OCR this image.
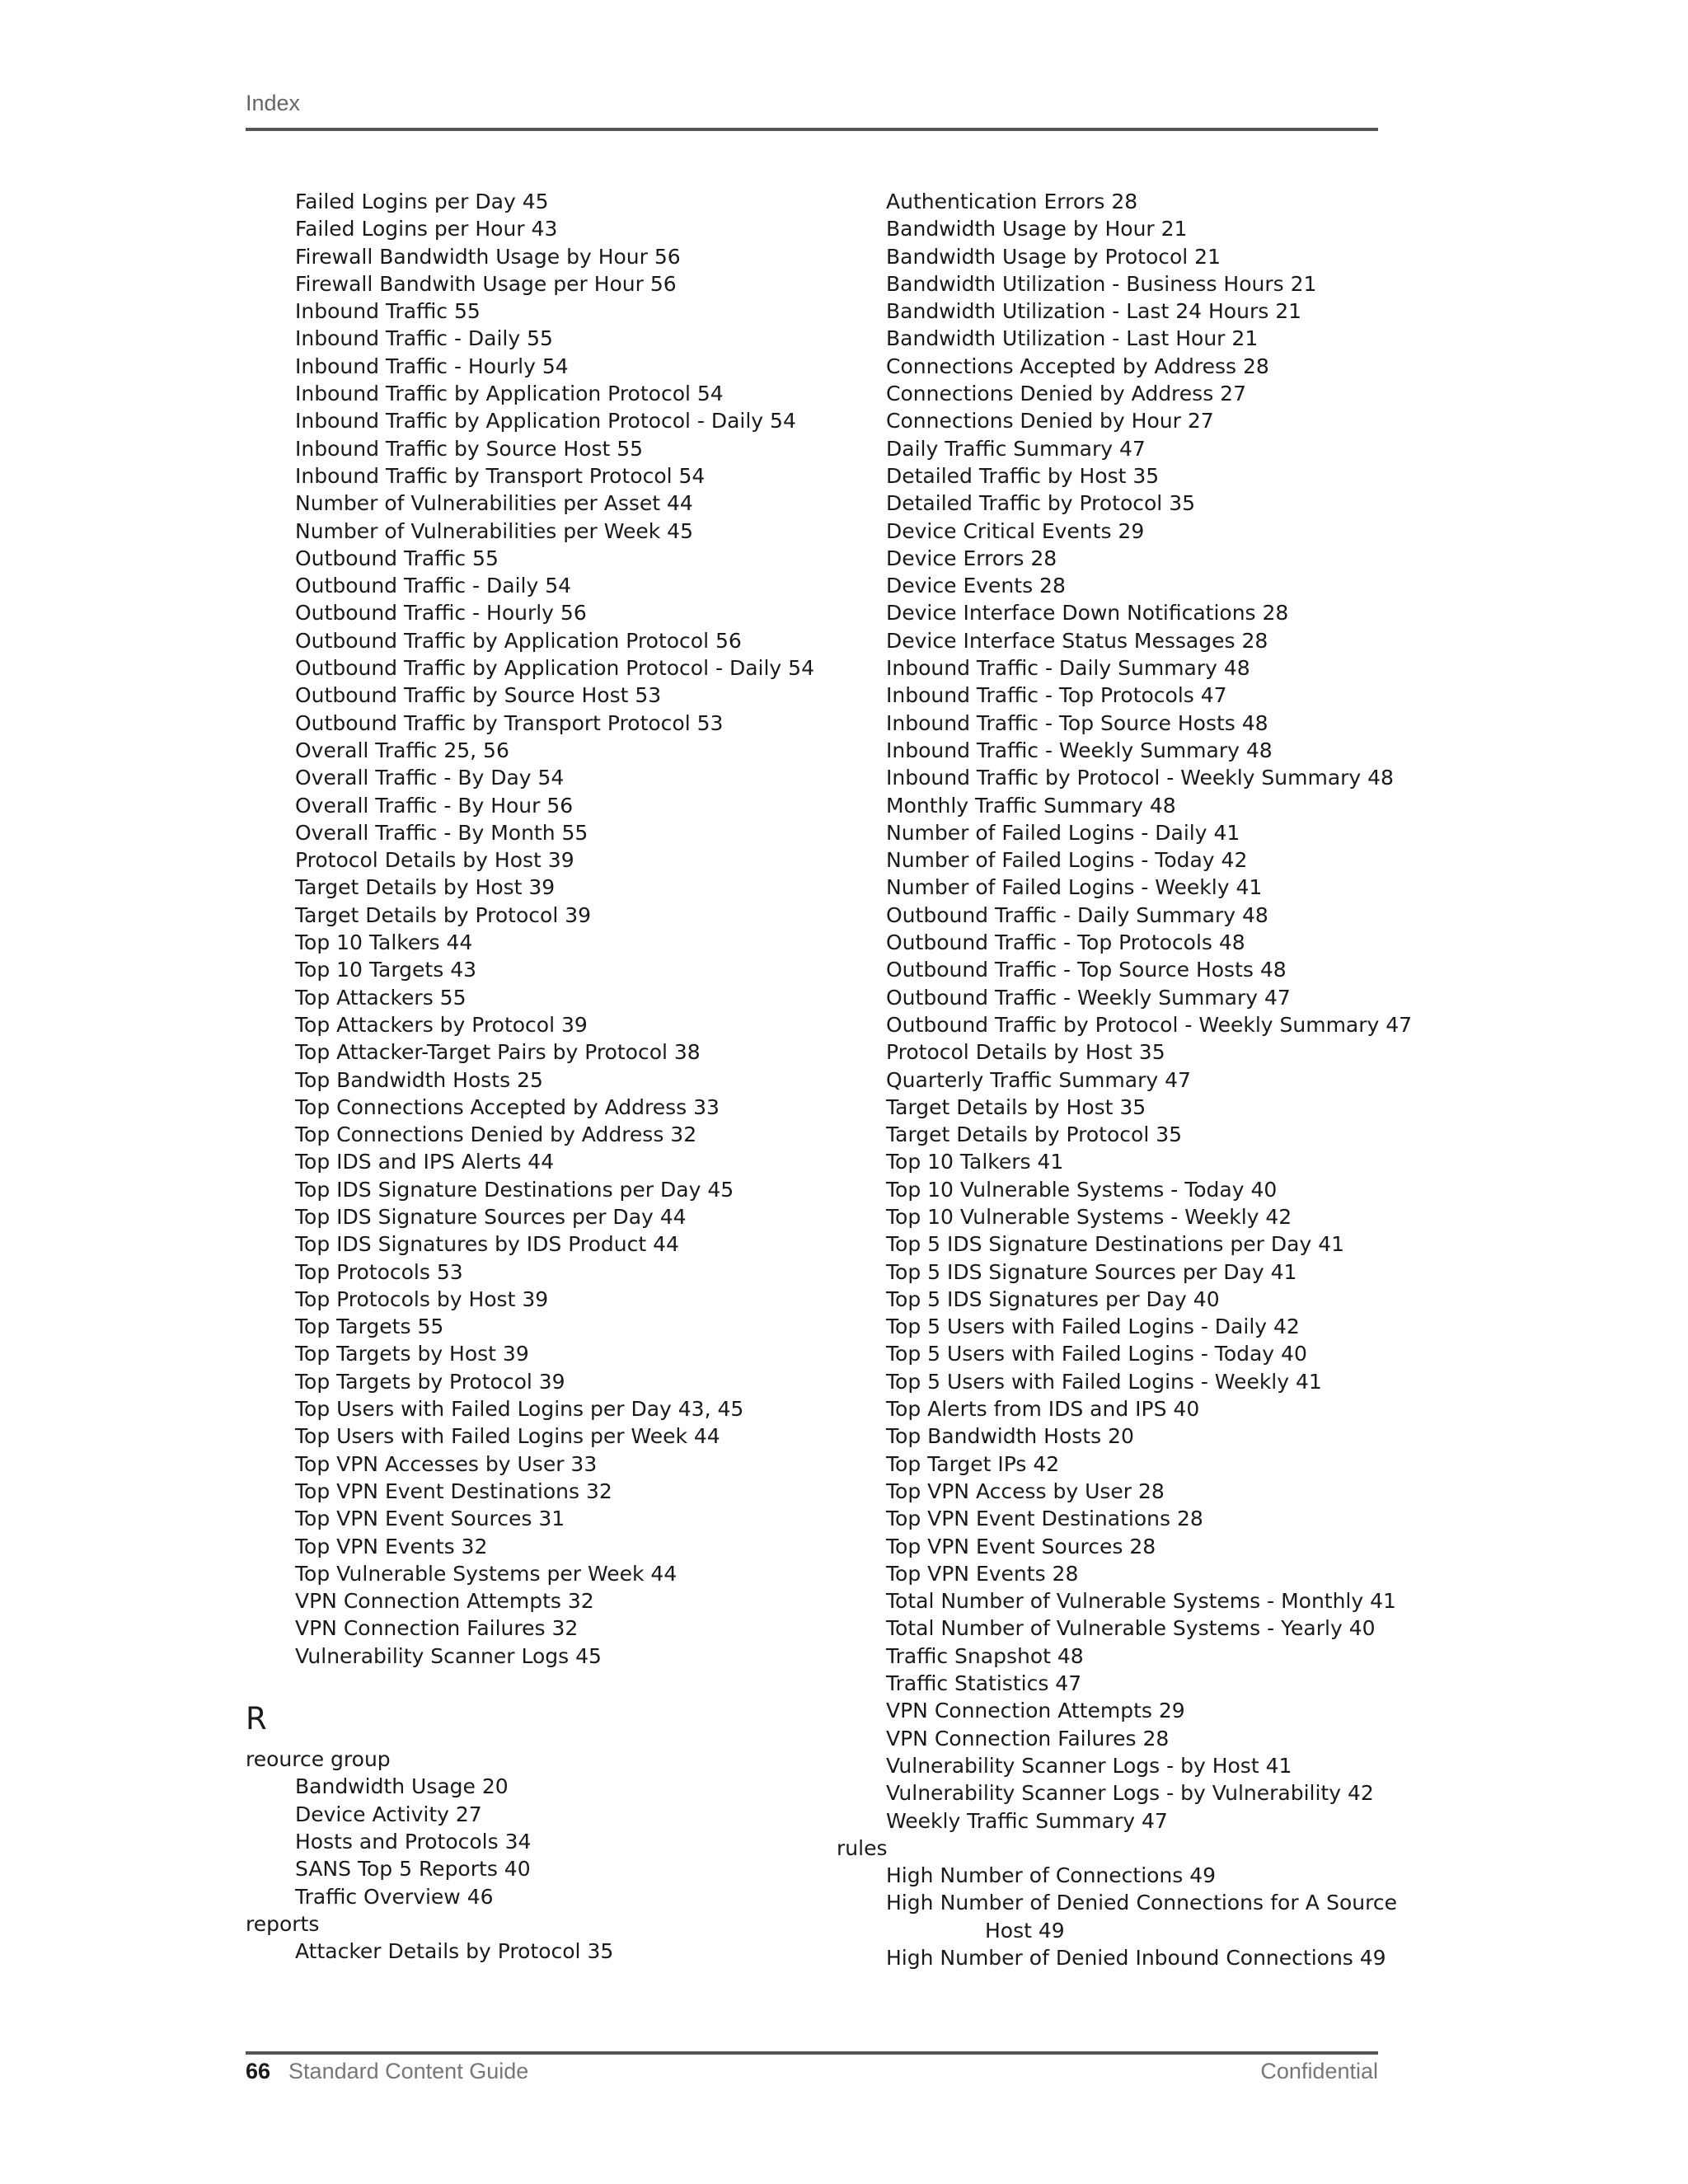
Index
Failed Logins per Day 45
Failed Logins per Hour 43
Firewall Bandwidth Usage by Hour 56
Firewall Bandwith Usage per Hour 56
Inbound Traffic 55
Inbound Traffic - Daily 55
Inbound Traffic - Hourly 54
Inbound Traffic by Application Protocol 54
Inbound Traffic by Application Protocol - Daily 54
Inbound Traffic by Source Host 55
Inbound Traffic by Transport Protocol 54
Number of Vulnerabilities per Asset 44
Number of Vulnerabilities per Week 45
Outbound Traffic 55
Outbound Traffic - Daily 54
Outbound Traffic - Hourly 56
Outbound Traffic by Application Protocol 56
Outbound Traffic by Application Protocol - Daily 54
Outbound Traffic by Source Host 53
Outbound Traffic by Transport Protocol 53
Overall Traffic 25, 56
Overall Traffic - By Day 54
Overall Traffic - By Hour 56
Overall Traffic - By Month 55
Protocol Details by Host 39
Target Details by Host 39
Target Details by Protocol 39
Top 10 Talkers 44
Top 10 Targets 43
Top Attackers 55
Top Attackers by Protocol 39
Top Attacker-Target Pairs by Protocol 38
Top Bandwidth Hosts 25
Top Connections Accepted by Address 33
Top Connections Denied by Address 32
Top IDS and IPS Alerts 44
Top IDS Signature Destinations per Day 45
Top IDS Signature Sources per Day 44
Top IDS Signatures by IDS Product 44
Top Protocols 53
Top Protocols by Host 39
Top Targets 55
Top Targets by Host 39
Top Targets by Protocol 39
Top Users with Failed Logins per Day 43, 45
Top Users with Failed Logins per Week 44
Top VPN Accesses by User 33
Top VPN Event Destinations 32
Top VPN Event Sources 31
Top VPN Events 32
Top Vulnerable Systems per Week 44
VPN Connection Attempts 32
VPN Connection Failures 32
Vulnerability Scanner Logs 45
R
reource group
Bandwidth Usage 20
Device Activity 27
Hosts and Protocols 34
SANS Top 5 Reports 40
Traffic Overview 46
reports
Attacker Details by Protocol 35
Authentication Errors 28
Bandwidth Usage by Hour 21
Bandwidth Usage by Protocol 21
Bandwidth Utilization - Business Hours 21
Bandwidth Utilization - Last 24 Hours 21
Bandwidth Utilization - Last Hour 21
Connections Accepted by Address 28
Connections Denied by Address 27
Connections Denied by Hour 27
Daily Traffic Summary 47
Detailed Traffic by Host 35
Detailed Traffic by Protocol 35
Device Critical Events 29
Device Errors 28
Device Events 28
Device Interface Down Notifications 28
Device Interface Status Messages 28
Inbound Traffic - Daily Summary 48
Inbound Traffic - Top Protocols 47
Inbound Traffic - Top Source Hosts 48
Inbound Traffic - Weekly Summary 48
Inbound Traffic by Protocol - Weekly Summary 48
Monthly Traffic Summary 48
Number of Failed Logins - Daily 41
Number of Failed Logins - Today 42
Number of Failed Logins - Weekly 41
Outbound Traffic - Daily Summary 48
Outbound Traffic - Top Protocols 48
Outbound Traffic - Top Source Hosts 48
Outbound Traffic - Weekly Summary 47
Outbound Traffic by Protocol - Weekly Summary 47
Protocol Details by Host 35
Quarterly Traffic Summary 47
Target Details by Host 35
Target Details by Protocol 35
Top 10 Talkers 41
Top 10 Vulnerable Systems - Today 40
Top 10 Vulnerable Systems - Weekly 42
Top 5 IDS Signature Destinations per Day 41
Top 5 IDS Signature Sources per Day 41
Top 5 IDS Signatures per Day 40
Top 5 Users with Failed Logins - Daily 42
Top 5 Users with Failed Logins - Today 40
Top 5 Users with Failed Logins - Weekly 41
Top Alerts from IDS and IPS 40
Top Bandwidth Hosts 20
Top Target IPs 42
Top VPN Access by User 28
Top VPN Event Destinations 28
Top VPN Event Sources 28
Top VPN Events 28
Total Number of Vulnerable Systems - Monthly 41
Total Number of Vulnerable Systems - Yearly 40
Traffic Snapshot 48
Traffic Statistics 47
VPN Connection Attempts 29
VPN Connection Failures 28
Vulnerability Scanner Logs - by Host 41
Vulnerability Scanner Logs - by Vulnerability 42
Weekly Traffic Summary 47
rules
High Number of Connections 49
High Number of Denied Connections for A Source
Host 49
High Number of Denied Inbound Connections 49
66 Standard Content Guide	Confidential
